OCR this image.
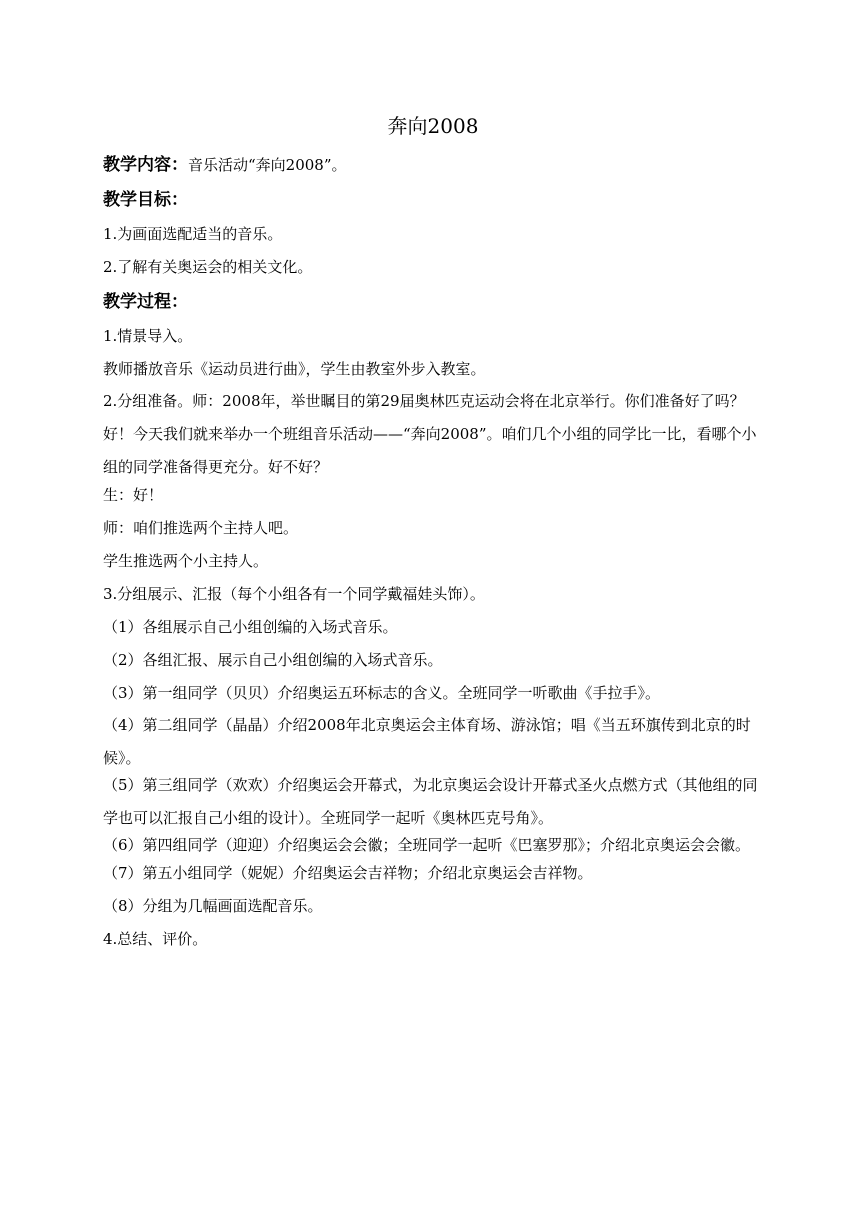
奔向2008
教学内容：音乐活动“奔向2008”。
教学目标：
1.为画面选配适当的音乐。
2.了解有关奥运会的相关文化。
教学过程：
1.情景导入。
教师播放音乐《运动员进行曲》，学生由教室外步入教室。
2.分组准备。师：2008年，举世瞩目的第29届奥林匹克运动会将在北京举行。你们准备好了吗？好！今天我们就来举办一个班组音乐活动——“奔向2008”。咱们几个小组的同学比一比，看哪个小组的同学准备得更充分。好不好？
生：好！
师：咱们推选两个主持人吧。
学生推选两个小主持人。
3.分组展示、汇报（每个小组各有一个同学戴福娃头饰）。
（1）各组展示自己小组创编的入场式音乐。
（2）各组汇报、展示自己小组创编的入场式音乐。
（3）第一组同学（贝贝）介绍奥运五环标志的含义。全班同学一听歌曲《手拉手》。
（4）第二组同学（晶晶）介绍2008年北京奥运会主体育场、游泳馆；唱《当五环旗传到北京的时候》。
（5）第三组同学（欢欢）介绍奥运会开幕式，为北京奥运会设计开幕式圣火点燃方式（其他组的同学也可以汇报自己小组的设计）。全班同学一起听《奥林匹克号角》。
（6）第四组同学（迎迎）介绍奥运会会徽；全班同学一起听《巴塞罗那》；介绍北京奥运会会徽。
（7）第五小组同学（妮妮）介绍奥运会吉祥物；介绍北京奥运会吉祥物。
（8）分组为几幅画面选配音乐。
4.总结、评价。
